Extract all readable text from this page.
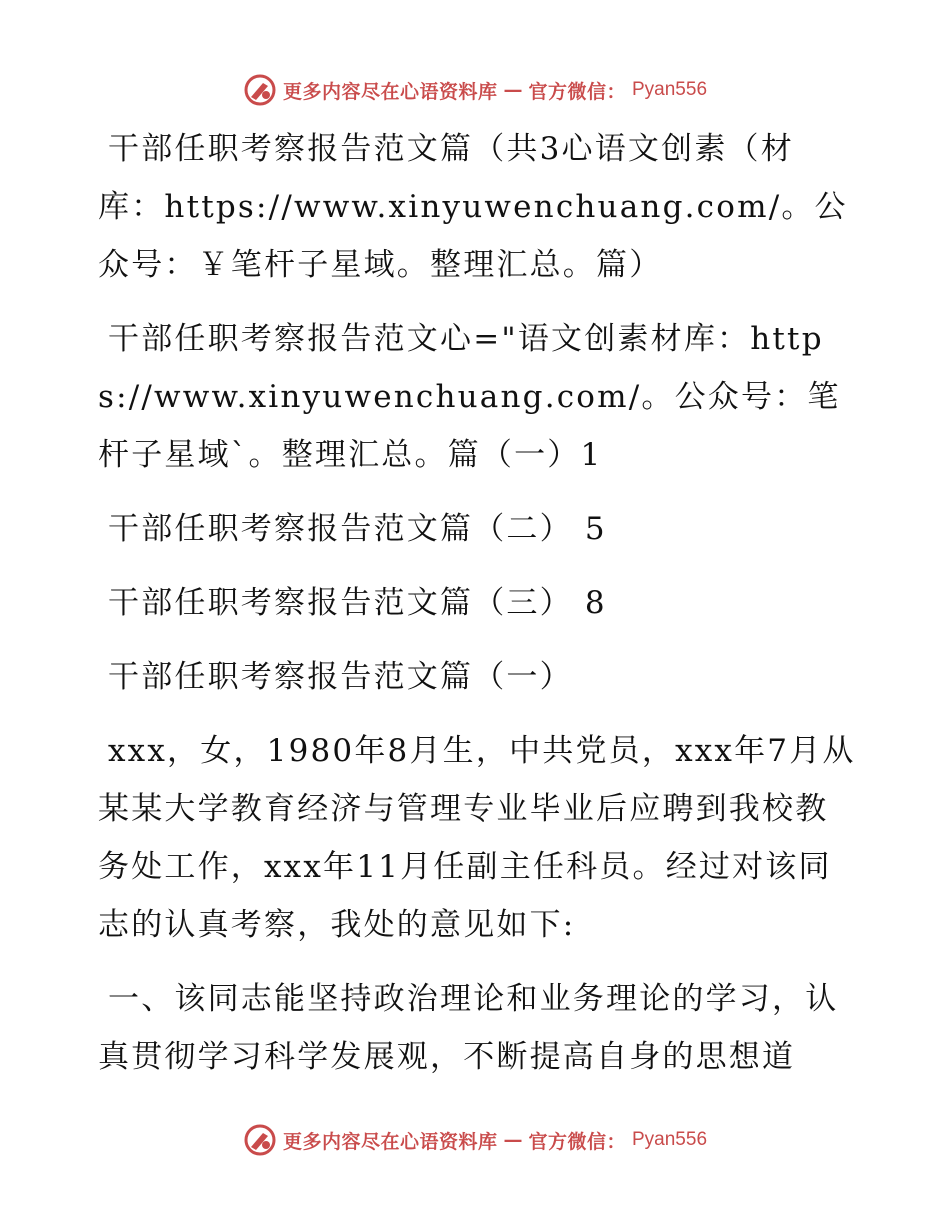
更多内容尽在心语资料库 — 官方微信： Pyan556

干部任职考察报告范文篇（共3心语文创素（材库：https://www.xinyuwenchuang.com/。公众号：￥笔杆子星域。整理汇总。篇）

干部任职考察报告范文心="语文创素材库：https://www.xinyuwenchuang.com/。公众号：笔杆子星域`。整理汇总。篇（一）1

干部任职考察报告范文篇（二） 5

干部任职考察报告范文篇（三） 8

干部任职考察报告范文篇（一）

xxx，女，1980年8月生，中共党员，xxx年7月从某某大学教育经济与管理专业毕业后应聘到我校教务处工作，xxx年11月任副主任科员。经过对该同志的认真考察，我处的意见如下:

一、该同志能坚持政治理论和业务理论的学习，认真贯彻学习科学发展观，不断提高自身的思想道

更多内容尽在心语资料库 — 官方微信： Pyan556
